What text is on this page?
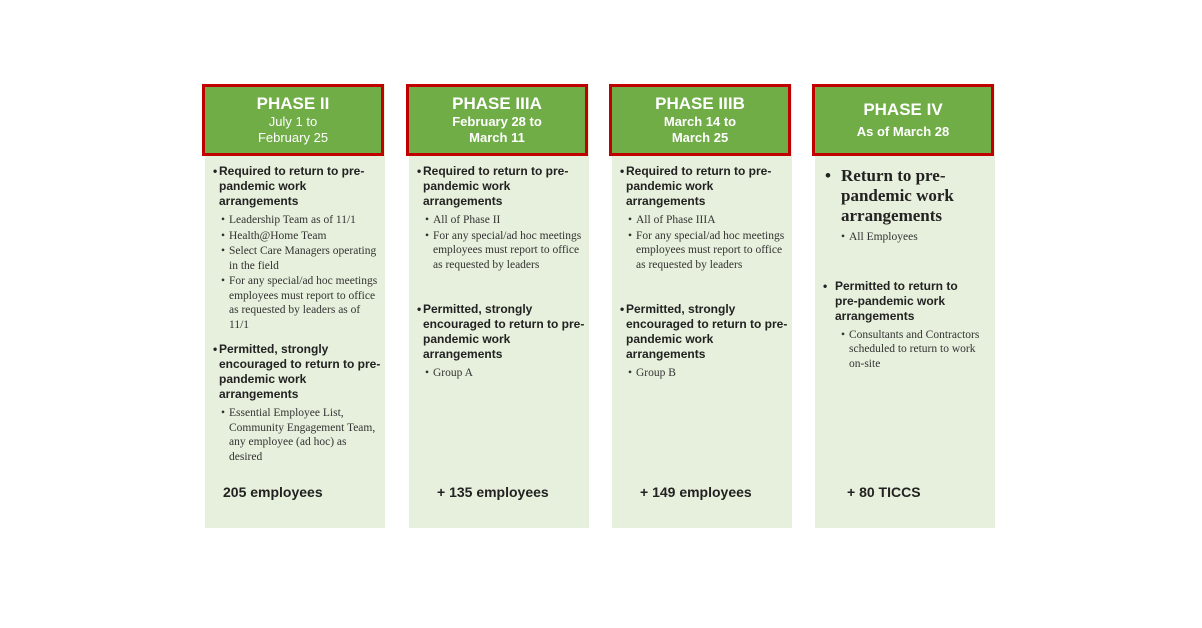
PHASE II
July 1 to
February 25
• Required to return to pre-pandemic work arrangements
• Leadership Team as of 11/1
• Health@Home Team
• Select Care Managers operating in the field
• For any special/ad hoc meetings employees must report to office as requested by leaders as of 11/1
• Permitted, strongly encouraged to return to pre-pandemic work arrangements
• Essential Employee List, Community Engagement Team, any employee (ad hoc) as desired
205 employees
PHASE IIIA
February 28 to
March 11
• Required to return to pre-pandemic work arrangements
• All of Phase II
• For any special/ad hoc meetings employees must report to office as requested by leaders
• Permitted, strongly encouraged to return to pre-pandemic work arrangements
• Group A
+ 135 employees
PHASE IIIB
March 14 to
March 25
• Required to return to pre-pandemic work arrangements
• All of Phase IIIA
• For any special/ad hoc meetings employees must report to office as requested by leaders
• Permitted, strongly encouraged to return to pre-pandemic work arrangements
• Group B
+ 149 employees
PHASE IV
As of March 28
• Return to pre-pandemic work arrangements
• All Employees
• Permitted to return to pre-pandemic work arrangements
• Consultants and Contractors scheduled to return to work on-site
+ 80 TICCS
